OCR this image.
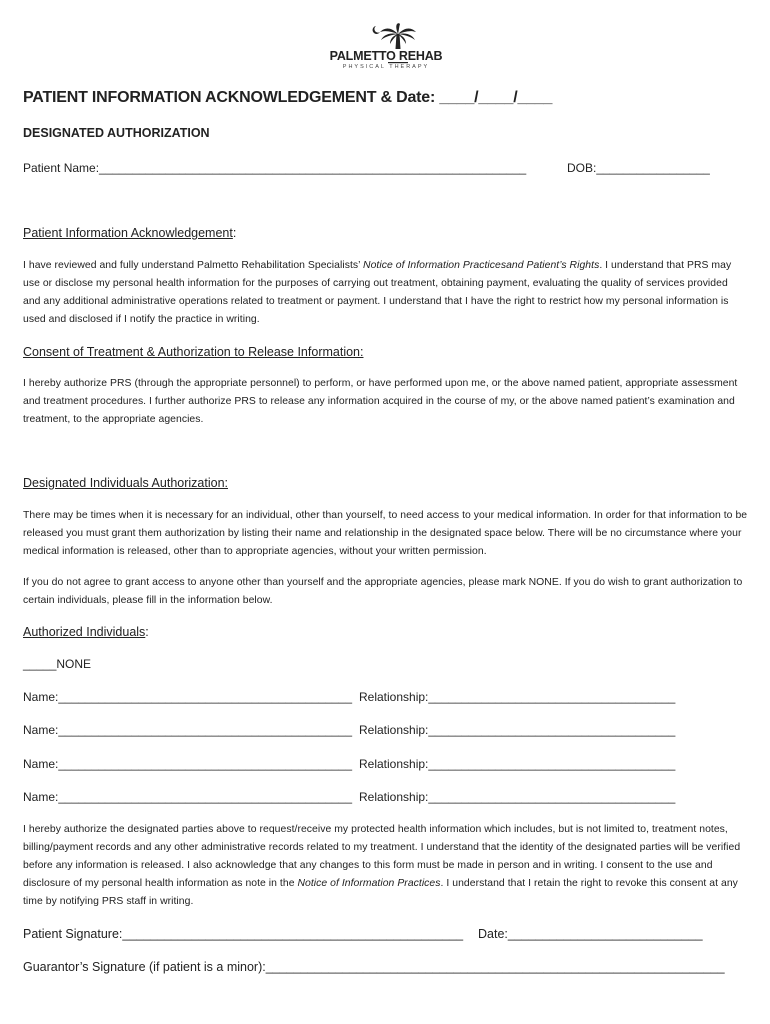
PALMETTO REHAB
PHYSICAL THERAPY
PATIENT INFORMATION ACKNOWLEDGEMENT & Date: ____/____/____
DESIGNATED AUTHORIZATION
Patient Name:________________________________________________________________	DOB:_________________
Patient Information Acknowledgement:

I have reviewed and fully understand Palmetto Rehabilitation Specialists’ Notice of Information Practicesand Patient’s Rights. I understand that PRS may use or disclose my personal health information for the purposes of carrying out treatment, obtaining payment, evaluating the quality of services provided and any additional administrative operations related to treatment or payment. I understand that I have the right to restrict how my personal information is used and disclosed if I notify the practice in writing.

Consent of Treatment & Authorization to Release Information:

I hereby authorize PRS (through the appropriate personnel) to perform, or have performed upon me, or the above named patient, appropriate assessment and treatment procedures. I further authorize PRS to release any information acquired in the course of my, or the above named patient’s examination and treatment, to the appropriate agencies.

Designated Individuals Authorization:

There may be times when it is necessary for an individual, other than yourself, to need access to your medical information. In order for that information to be released you must grant them authorization by listing their name and relationship in the designated space below. There will be no circumstance where your medical information is released, other than to appropriate agencies, without your written permission.

If you do not agree to grant access to anyone other than yourself and the appropriate agencies, please mark NONE. If you do wish to grant authorization to certain individuals, please fill in the information below.

Authorized Individuals:
_____NONE
Name:____________________________________________ Relationship:_____________________________________
Name:____________________________________________ Relationship:_____________________________________
Name:____________________________________________ Relationship:_____________________________________
Name:____________________________________________ Relationship:_____________________________________

I hereby authorize the designated parties above to request/receive my protected health information which includes, but is not limited to, treatment notes, billing/payment records and any other administrative records related to my treatment. I understand that the identity of the designated parties will be verified before any information is released. I also acknowledge that any changes to this form must be made in person and in writing. I consent to the use and disclosure of my personal health information as note in the Notice of Information Practices. I understand that I retain the right to revoke this consent at any time by notifying PRS staff in writing.

Patient Signature:_________________________________________________ Date:____________________________
Guarantor’s Signature (if patient is a minor):__________________________________________________________________
